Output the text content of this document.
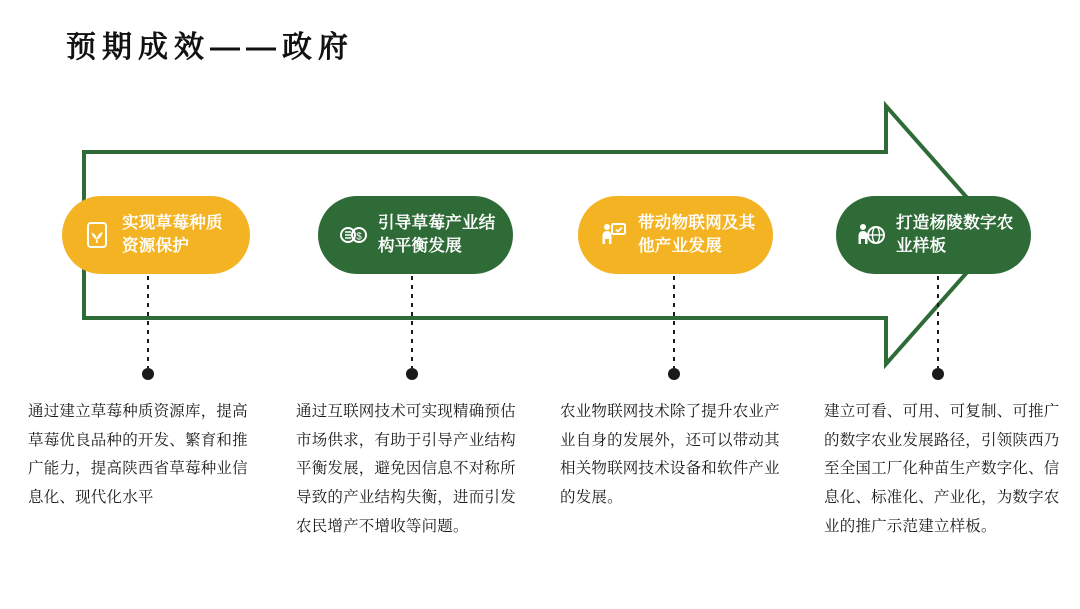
预期成效——政府
实现草莓种质资源保护	$
引导草莓产业结构平衡发展
带动物联网及其他产业发展
打造杨陵数字农业样板
通过建立草莓种质资源库，提高草莓优良品种的开发、繁育和推广能力，提高陕西省草莓种业信息化、现代化水平
通过互联网技术可实现精确预估市场供求，有助于引导产业结构平衡发展，避免因信息不对称所导致的产业结构失衡，进而引发农民增产不增收等问题。
农业物联网技术除了提升农业产业自身的发展外，还可以带动其相关物联网技术设备和软件产业的发展。
建立可看、可用、可复制、可推广的数字农业发展路径，引领陕西乃至全国工厂化种苗生产数字化、信息化、标准化、产业化，为数字农业的推广示范建立样板。
